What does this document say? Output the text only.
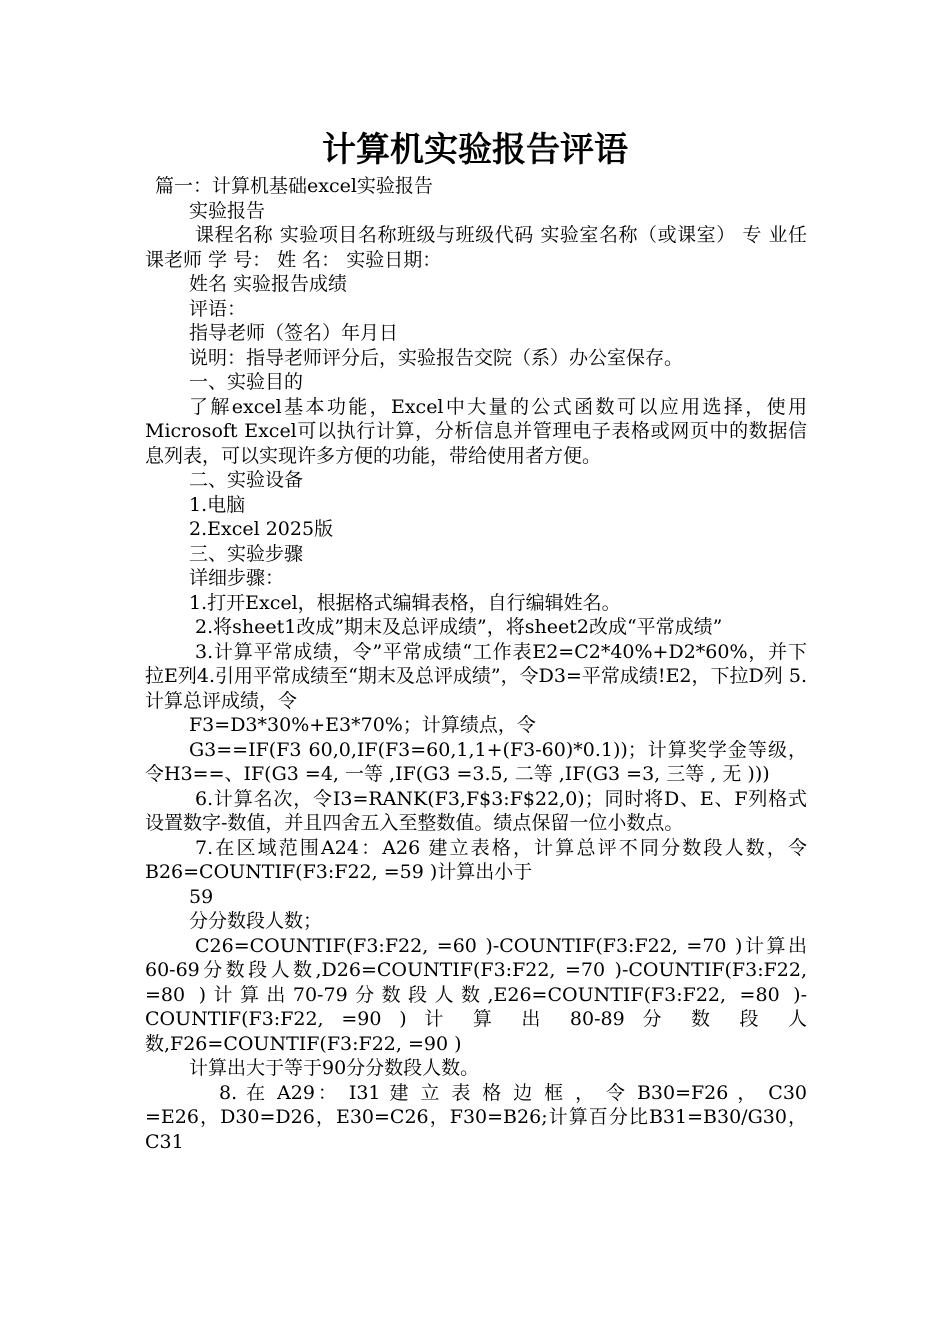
计算机实验报告评语

篇一：计算机基础excel实验报告

实验报告

课程名称 实验项目名称班级与班级代码 实验室名称（或课室） 专 业任课老师 学 号： 姓 名： 实验日期：

姓名 实验报告成绩

评语：

指导老师（签名）年月日

说明：指导老师评分后，实验报告交院（系）办公室保存。

一、实验目的

了解excel基本功能，Excel中大量的公式函数可以应用选择，使用Microsoft Excel可以执行计算，分析信息并管理电子表格或网页中的数据信息列表，可以实现许多方便的功能，带给使用者方便。

二、实验设备

1.电脑

2.Excel 2025版

三、实验步骤

详细步骤：

1.打开Excel，根据格式编辑表格，自行编辑姓名。

2.将sheet1改成”期末及总评成绩”，将sheet2改成“平常成绩”

3.计算平常成绩，令”平常成绩“工作表E2=C2*40%+D2*60%，并下拉E列4.引用平常成绩至“期末及总评成绩”，令D3=平常成绩!E2，下拉D列 5.计算总评成绩，令

F3=D3*30%+E3*70%；计算绩点，令

G3==IF(F3 60,0,IF(F3=60,1,1+(F3-60)*0.1))；计算奖学金等级，令H3==、IF(G3 =4, 一等 ,IF(G3 =3.5, 二等 ,IF(G3 =3, 三等 , 无 )))

6.计算名次，令I3=RANK(F3,F$3:F$22,0)；同时将D、E、F列格式设置数字-数值，并且四舍五入至整数值。绩点保留一位小数点。

7.在区域范围A24：A26 建立表格，计算总评不同分数段人数，令B26=COUNTIF(F3:F22, =59 )计算出小于

59

分分数段人数；

C26=COUNTIF(F3:F22, =60 )-COUNTIF(F3:F22, =70 )计算出60-69分数段人数,D26=COUNTIF(F3:F22, =70 )-COUNTIF(F3:F22, =80 )计算出70-79分数段人数,E26=COUNTIF(F3:F22, =80 )-COUNTIF(F3:F22, =90 ) 计 算 出 80-89 分 数 段 人 数,F26=COUNTIF(F3:F22, =90 )

计算出大于等于90分分数段人数。

8. 在 A29： I31 建 立 表 格 边 框 ， 令 B30=F26 ， C30 =E26，D30=D26，E30=C26，F30=B26;计算百分比B31=B30/G30，C31
